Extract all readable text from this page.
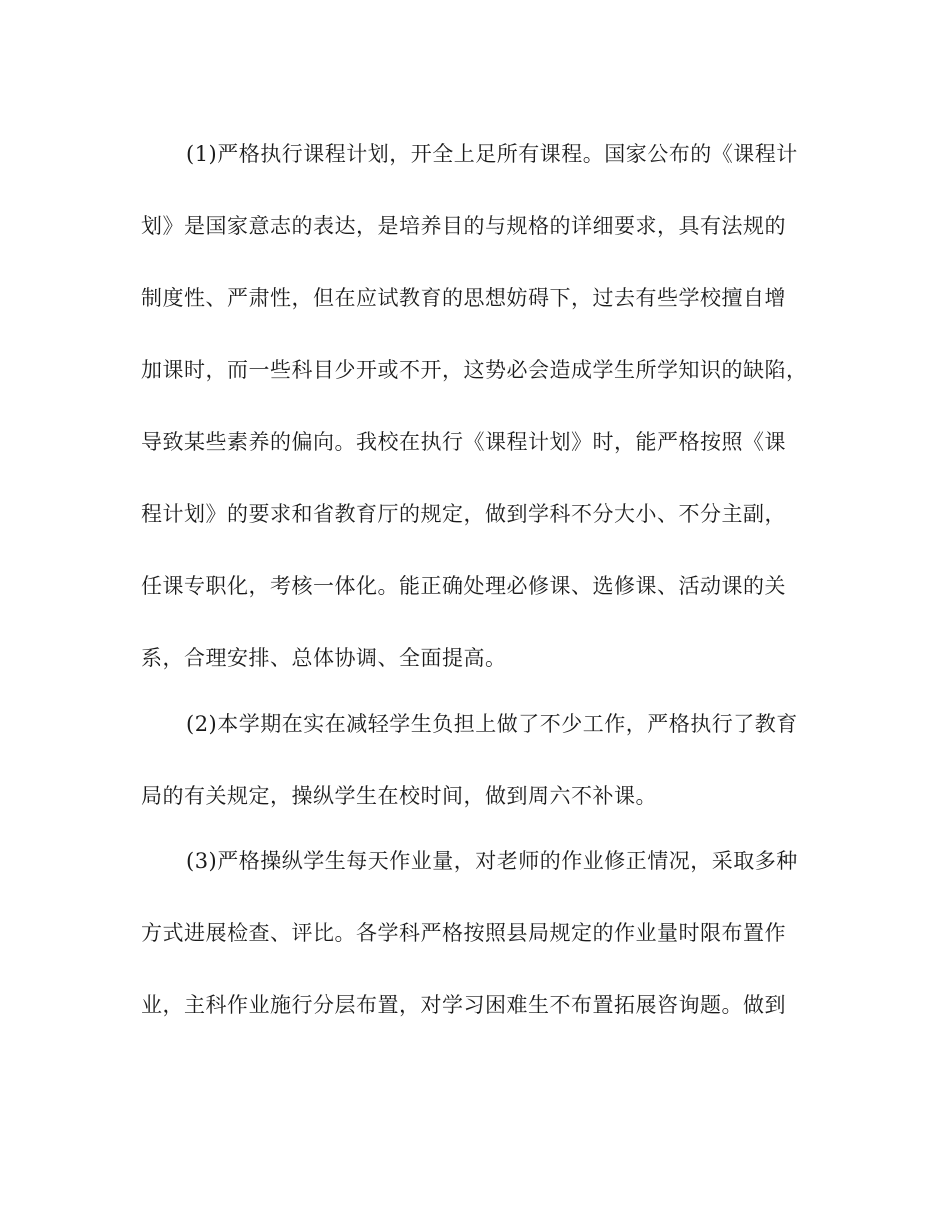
(1)严格执行课程计划，开全上足所有课程。国家公布的《课程计
划》是国家意志的表达，是培养目的与规格的详细要求，具有法规的
制度性、严肃性，但在应试教育的思想妨碍下，过去有些学校擅自增
加课时，而一些科目少开或不开，这势必会造成学生所学知识的缺陷，
导致某些素养的偏向。我校在执行《课程计划》时，能严格按照《课
程计划》的要求和省教育厅的规定，做到学科不分大小、不分主副，
任课专职化，考核一体化。能正确处理必修课、选修课、活动课的关
系，合理安排、总体协调、全面提高。
(2)本学期在实在减轻学生负担上做了不少工作，严格执行了教育
局的有关规定，操纵学生在校时间，做到周六不补课。
(3)严格操纵学生每天作业量，对老师的作业修正情况，采取多种
方式进展检查、评比。各学科严格按照县局规定的作业量时限布置作
业，主科作业施行分层布置，对学习困难生不布置拓展咨询题。做到
